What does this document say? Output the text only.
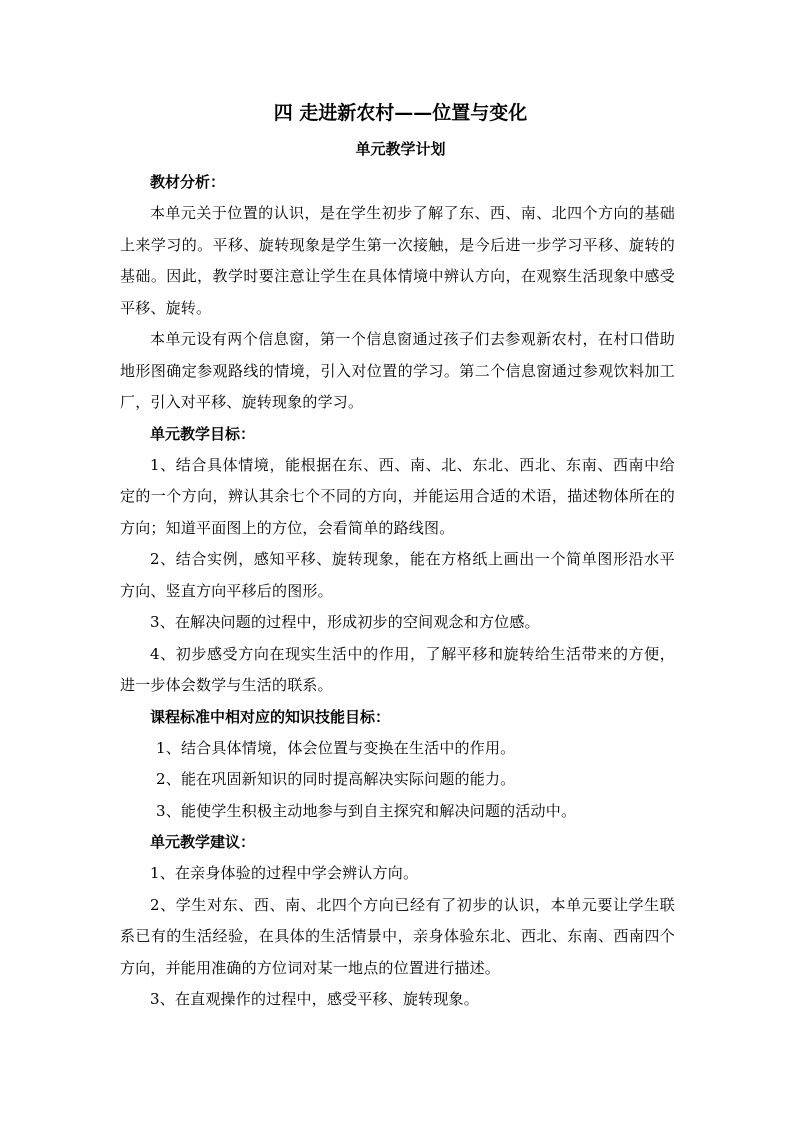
四 走进新农村——位置与变化
单元教学计划
教材分析：

本单元关于位置的认识，是在学生初步了解了东、西、南、北四个方向的基础上来学习的。平移、旋转现象是学生第一次接触，是今后进一步学习平移、旋转的基础。因此，教学时要注意让学生在具体情境中辨认方向，在观察生活现象中感受平移、旋转。

本单元设有两个信息窗，第一个信息窗通过孩子们去参观新农村，在村口借助地形图确定参观路线的情境，引入对位置的学习。第二个信息窗通过参观饮料加工厂，引入对平移、旋转现象的学习。

单元教学目标：

1、结合具体情境，能根据在东、西、南、北、东北、西北、东南、西南中给定的一个方向，辨认其余七个不同的方向，并能运用合适的术语，描述物体所在的方向；知道平面图上的方位，会看简单的路线图。

2、结合实例，感知平移、旋转现象，能在方格纸上画出一个简单图形沿水平方向、竖直方向平移后的图形。

3、在解决问题的过程中，形成初步的空间观念和方位感。

4、初步感受方向在现实生活中的作用，了解平移和旋转给生活带来的方便，进一步体会数学与生活的联系。

课程标准中相对应的知识技能目标：

1、结合具体情境，体会位置与变换在生活中的作用。

2、能在巩固新知识的同时提高解决实际问题的能力。

3、能使学生积极主动地参与到自主探究和解决问题的活动中。

单元教学建议：

1、在亲身体验的过程中学会辨认方向。

2、学生对东、西、南、北四个方向已经有了初步的认识，本单元要让学生联系已有的生活经验，在具体的生活情景中，亲身体验东北、西北、东南、西南四个方向，并能用准确的方位词对某一地点的位置进行描述。

3、在直观操作的过程中，感受平移、旋转现象。
